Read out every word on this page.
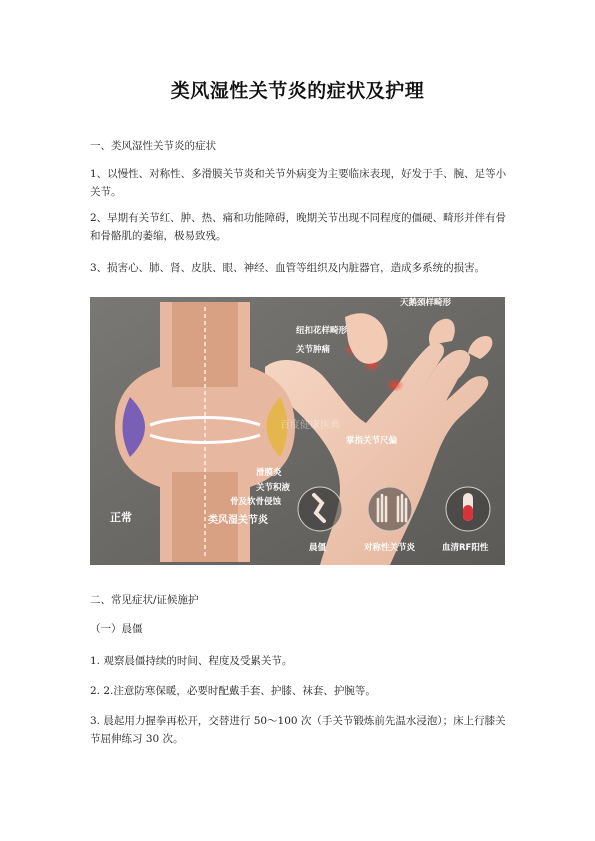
类风湿性关节炎的症状及护理
一、类风湿性关节炎的症状
1、以慢性、对称性、多滑膜关节炎和关节外病变为主要临床表现，好发于手、腕、足等小关节。
2、早期有关节红、肿、热、痛和功能障碍，晚期关节出现不同程度的僵硬、畸形并伴有骨和骨骼肌的萎缩，极易致残。
3、损害心、肺、肾、皮肤、眼、神经、血管等组织及内脏器官，造成多系统的损害。
正常	类风湿关节炎
滑膜炎
关节积液
骨及软骨侵蚀
天鹅颈样畸形
纽扣花样畸形
关节肿痛
掌指关节尺偏
百度健康医典
晨僵	对称性关节炎	血清RF阳性
二、常见症状/证候施护
（一）晨僵
1. 观察晨僵持续的时间、程度及受累关节。
2. 2.注意防寒保暖，必要时配戴手套、护膝、袜套、护腕等。
3. 晨起用力握拳再松开，交替进行 50～100 次（手关节锻炼前先温水浸泡）；床上行膝关节屈伸练习 30 次。
